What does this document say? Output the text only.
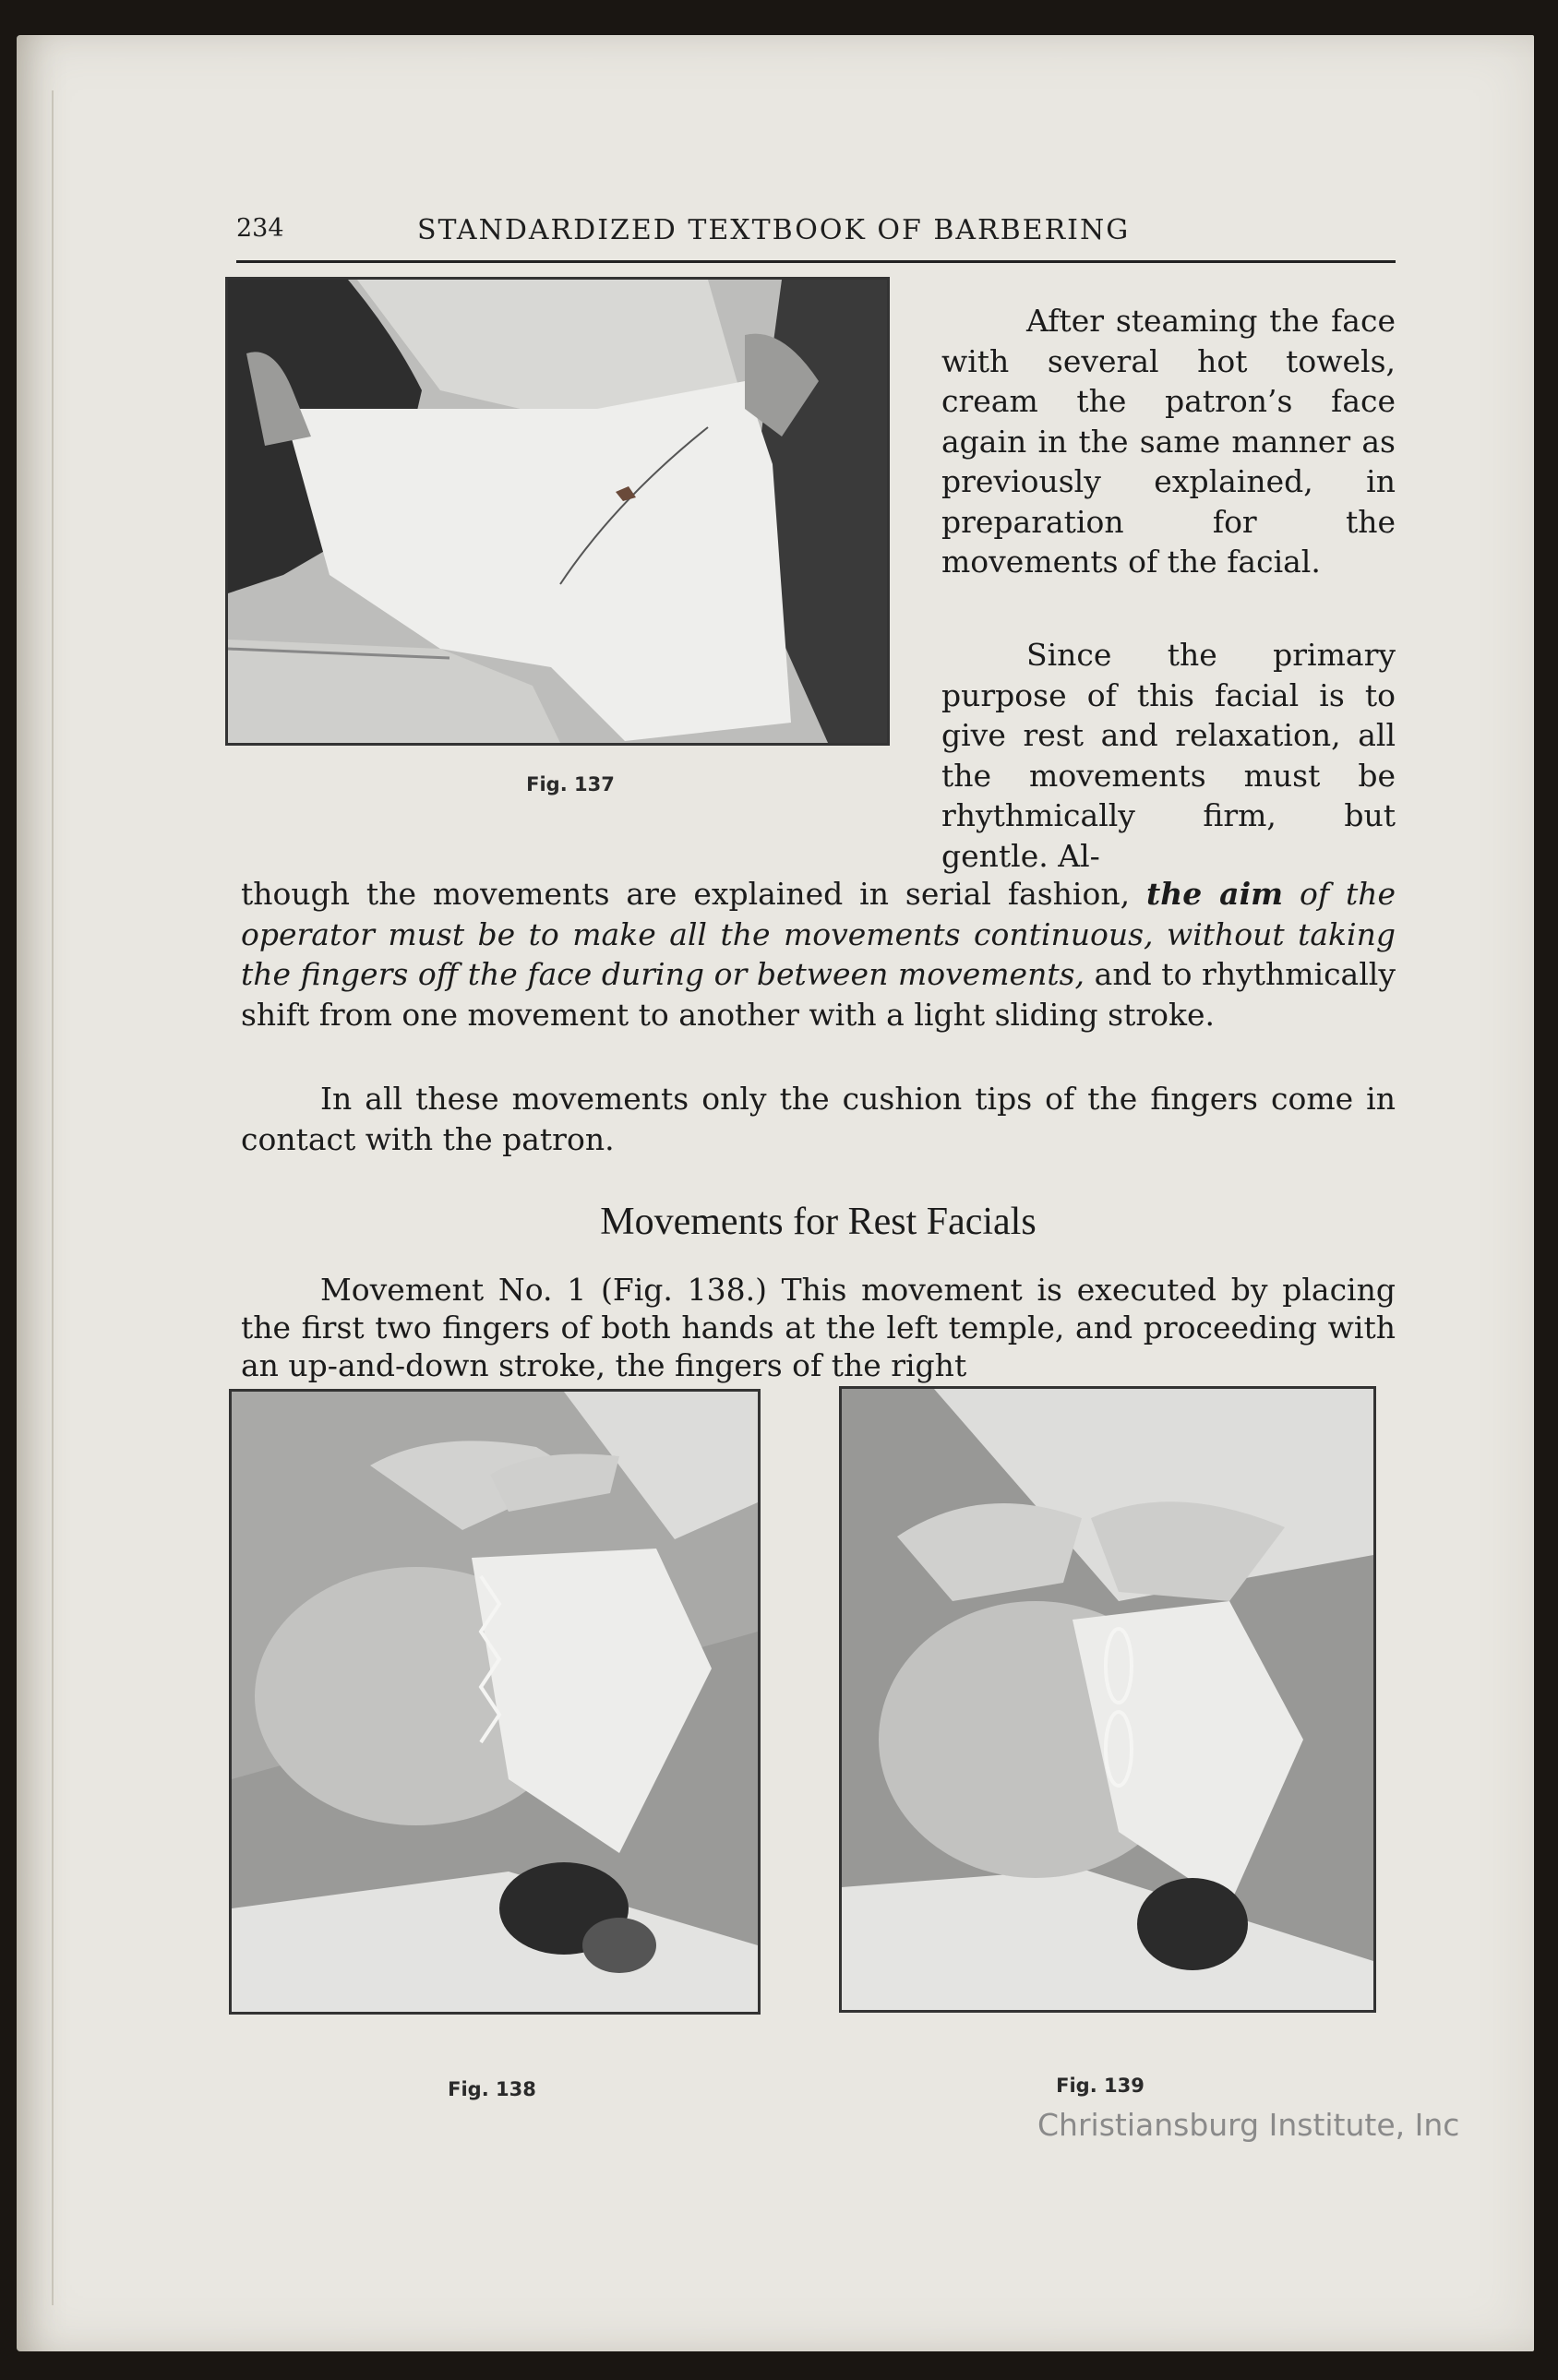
234	STANDARDIZED TEXTBOOK OF BARBERING
Fig. 137

After steaming the face with several hot towels, cream the patron’s face again in the same manner as previously explained, in preparation for the movements of the facial.

Since the primary purpose of this facial is to give rest and relaxation, all the movements must be rhythmically firm, but gentle. Al-

though the movements are explained in serial fashion, the aim of the operator must be to make all the movements continuous, without taking the fingers off the face during or between movements, and to rhythmically shift from one movement to another with a light sliding stroke.

In all these movements only the cushion tips of the fingers come in contact with the patron.

Movements for Rest Facials

Movement No. 1 (Fig. 138.) This movement is executed by placing the first two fingers of both hands at the left temple, and proceeding with an up-and-down stroke, the fingers of the right

Fig. 138	Fig. 139
Christiansburg Institute, Inc
